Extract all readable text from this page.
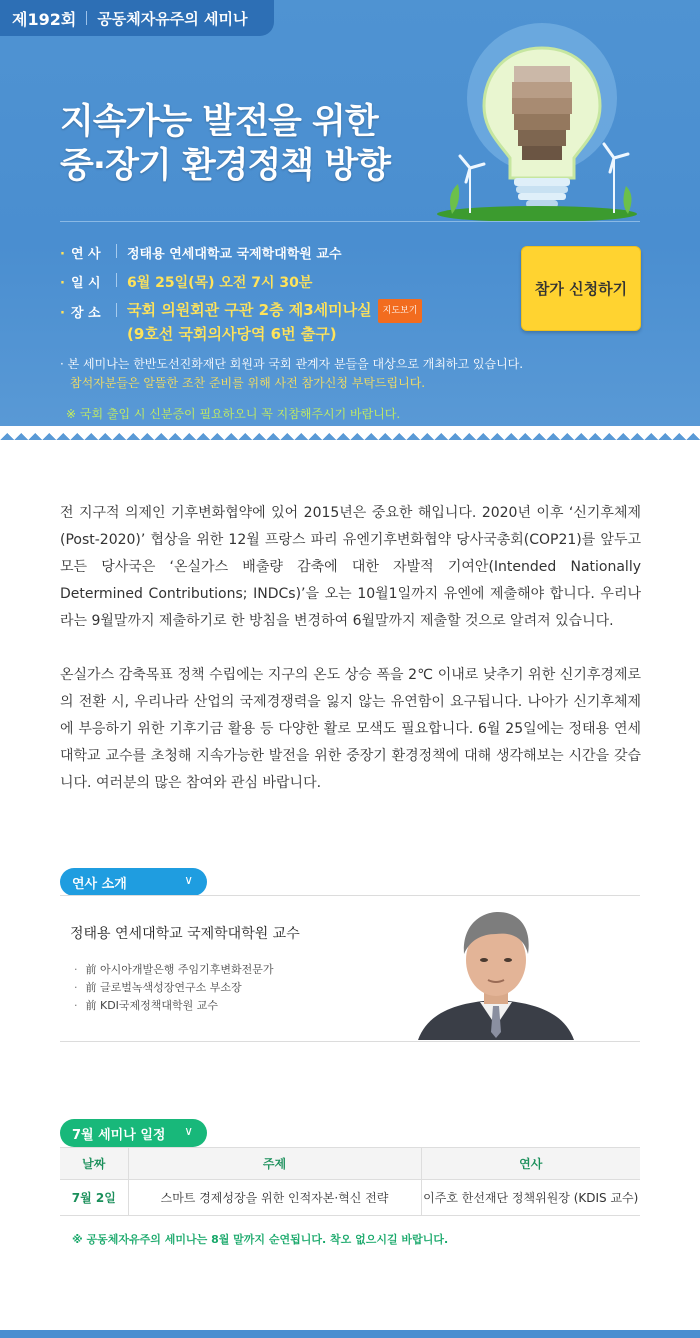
제192회 공동체자유주의 세미나
지속가능 발전을 위한
중·장기 환경정책 방향
· 연 사	정태용 연세대학교 국제학대학원 교수
· 일 시	6월 25일(목) 오전 7시 30분
· 장 소	국회 의원회관 구관 2층 제3세미나실 지도보기
(9호선 국회의사당역 6번 출구)
· 본 세미나는 한반도선진화재단 회원과 국회 관계자 분들을 대상으로 개최하고 있습니다.
참석자분들은 알뜰한 조찬 준비를 위해 사전 참가신청 부탁드립니다.
※ 국회 출입 시 신분증이 필요하오니 꼭 지참해주시기 바랍니다.
참가 신청하기

전 지구적 의제인 기후변화협약에 있어 2015년은 중요한 해입니다. 2020년 이후 ‘신기후체제 (Post-2020)’ 협상을 위한 12월 프랑스 파리 유엔기후변화협약 당사국총회(COP21)를 앞두고 모든 당사국은 ‘온실가스 배출량 감축에 대한 자발적 기여안(Intended Nationally Determined Contributions; INDCs)’을 오는 10월1일까지 유엔에 제출해야 합니다. 우리나라는 9월말까지 제출하기로 한 방침을 변경하여 6월말까지 제출할 것으로 알려져 있습니다.

온실가스 감축목표 정책 수립에는 지구의 온도 상승 폭을 2℃ 이내로 낮추기 위한 신기후경제로의 전환 시, 우리나라 산업의 국제경쟁력을 잃지 않는 유연함이 요구됩니다. 나아가 신기후체제에 부응하기 위한 기후기금 활용 등 다양한 활로 모색도 필요합니다. 6월 25일에는 정태용 연세대학교 교수를 초청해 지속가능한 발전을 위한 중장기 환경정책에 대해 생각해보는 시간을 갖습니다. 여러분의 많은 참여와 관심 바랍니다.

연사 소개	∨
정태용 연세대학교 국제학대학원 교수
· 前 아시아개발은행 주임기후변화전문가
· 前 글로벌녹색성장연구소 부소장
· 前 KDI국제정책대학원 교수
7월 세미나 일정 ∨
날짜	주제	연사
7월 2일	스마트 경제성장을 위한 인적자본·혁신 전략	이주호 한선재단 정책위원장 (KDIS 교수)
※ 공동체자유주의 세미나는 8월 말까지 순연됩니다. 착오 없으시길 바랍니다.
